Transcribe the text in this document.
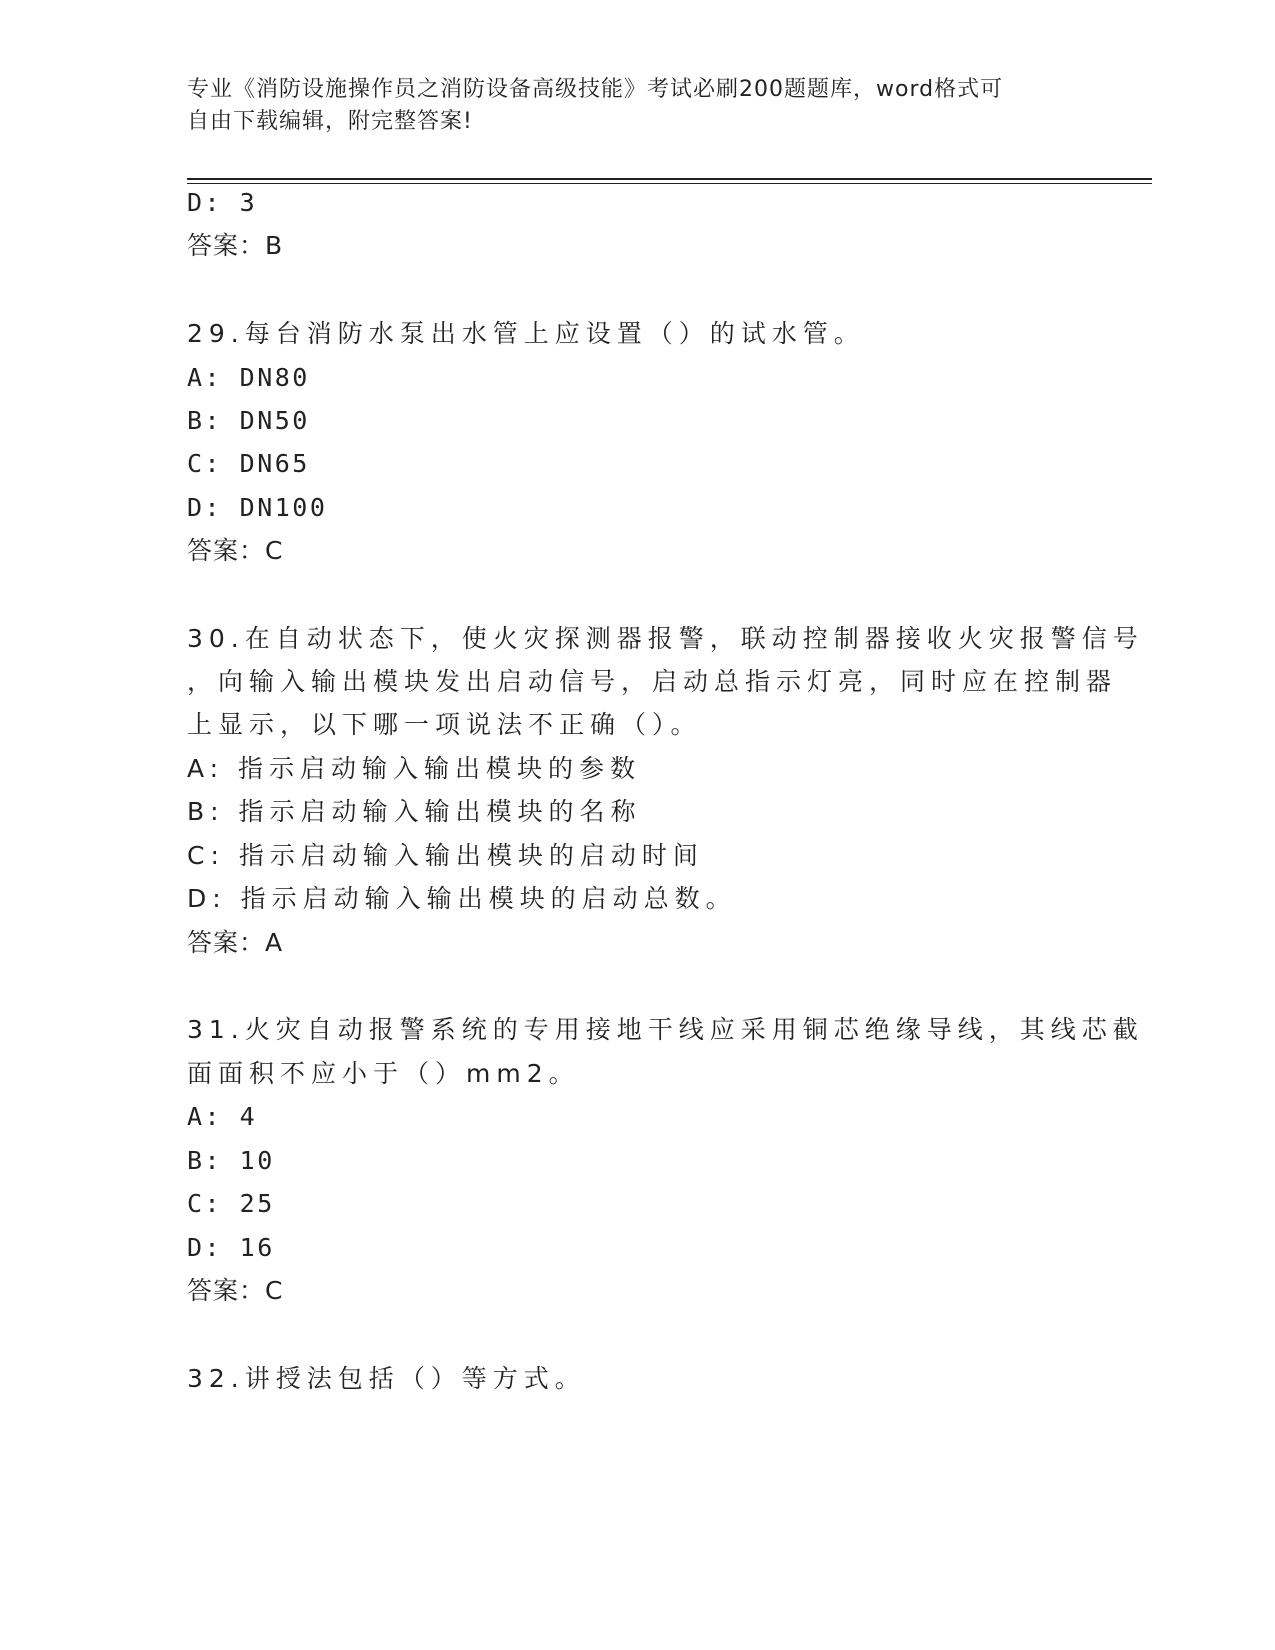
专业《消防设施操作员之消防设备高级技能》考试必刷200题题库，word格式可
自由下载编辑，附完整答案!
D: 3
答案：B
29.每台消防水泵出水管上应设置（）的试水管。
A: DN80
B: DN50
C: DN65
D: DN100
答案：C
30.在自动状态下，使火灾探测器报警，联动控制器接收火灾报警信号
，向输入输出模块发出启动信号，启动总指示灯亮，同时应在控制器
上显示，以下哪一项说法不正确（）。
A: 指示启动输入输出模块的参数
B: 指示启动输入输出模块的名称
C: 指示启动输入输出模块的启动时间
D: 指示启动输入输出模块的启动总数。
答案：A
31.火灾自动报警系统的专用接地干线应采用铜芯绝缘导线，其线芯截
面面积不应小于（）mm2。
A: 4
B: 10
C: 25
D: 16
答案：C
32.讲授法包括（）等方式。
